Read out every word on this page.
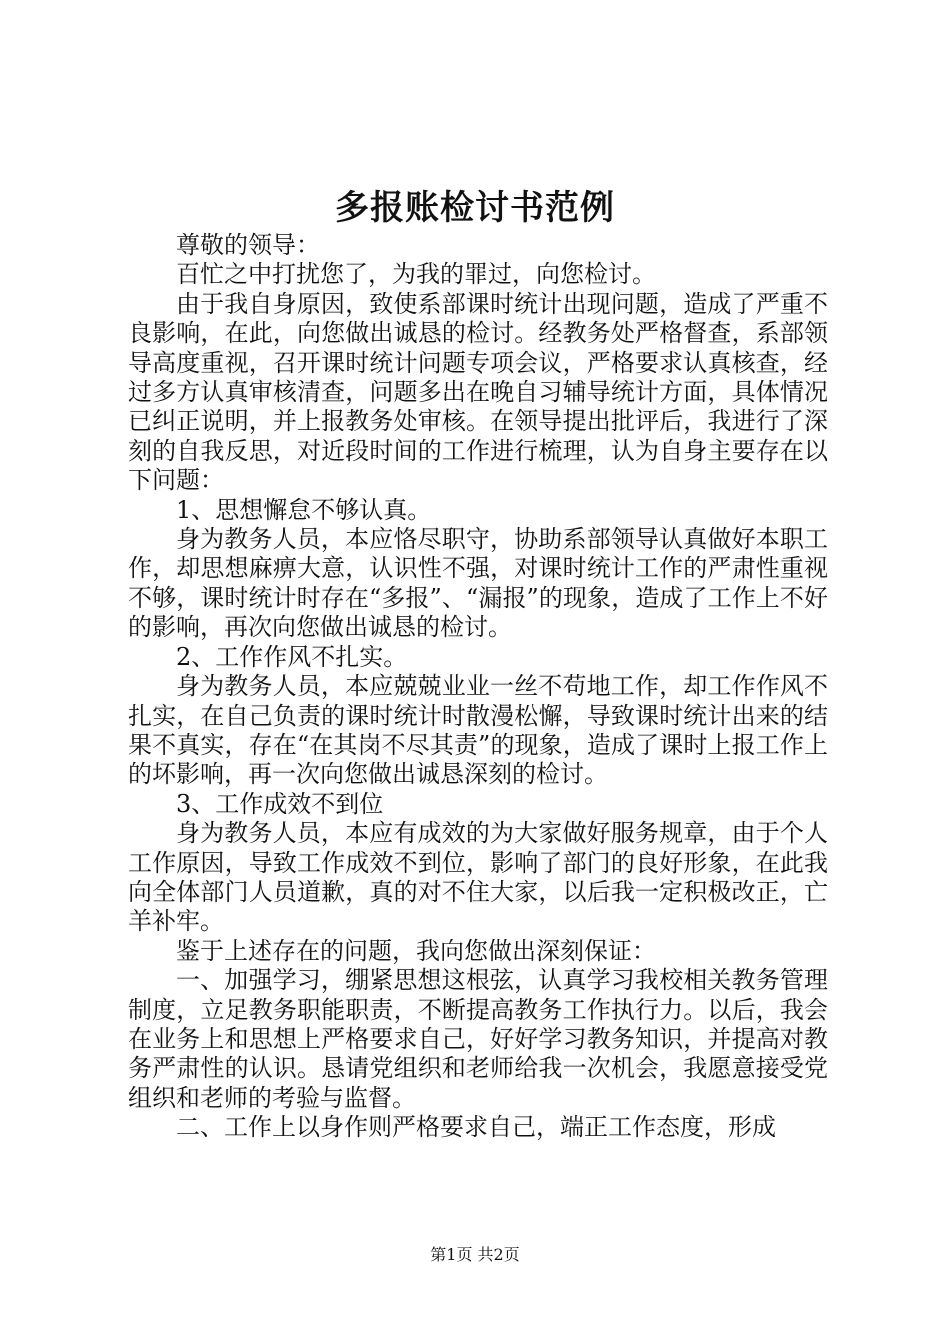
多报账检讨书范例

尊敬的领导：

百忙之中打扰您了，为我的罪过，向您检讨。

由于我自身原因，致使系部课时统计出现问题，造成了严重不良影响，在此，向您做出诚恳的检讨。经教务处严格督查，系部领导高度重视，召开课时统计问题专项会议，严格要求认真核查，经过多方认真审核清查，问题多出在晚自习辅导统计方面，具体情况已纠正说明，并上报教务处审核。在领导提出批评后，我进行了深刻的自我反思，对近段时间的工作进行梳理，认为自身主要存在以下问题：

1、思想懈怠不够认真。

身为教务人员，本应恪尽职守，协助系部领导认真做好本职工作，却思想麻痹大意，认识性不强，对课时统计工作的严肃性重视不够，课时统计时存在“多报”、“漏报”的现象，造成了工作上不好的影响，再次向您做出诚恳的检讨。

2、工作作风不扎实。

身为教务人员，本应兢兢业业一丝不苟地工作，却工作作风不扎实，在自己负责的课时统计时散漫松懈，导致课时统计出来的结果不真实，存在“在其岗不尽其责”的现象，造成了课时上报工作上的坏影响，再一次向您做出诚恳深刻的检讨。

3、工作成效不到位

身为教务人员，本应有成效的为大家做好服务规章，由于个人工作原因，导致工作成效不到位，影响了部门的良好形象，在此我向全体部门人员道歉，真的对不住大家，以后我一定积极改正，亡羊补牢。

鉴于上述存在的问题，我向您做出深刻保证：

一、加强学习，绷紧思想这根弦，认真学习我校相关教务管理制度，立足教务职能职责，不断提高教务工作执行力。以后，我会在业务上和思想上严格要求自己，好好学习教务知识，并提高对教务严肃性的认识。恳请党组织和老师给我一次机会，我愿意接受党组织和老师的考验与监督。

二、工作上以身作则严格要求自己，端正工作态度，形成

第1页 共2页
